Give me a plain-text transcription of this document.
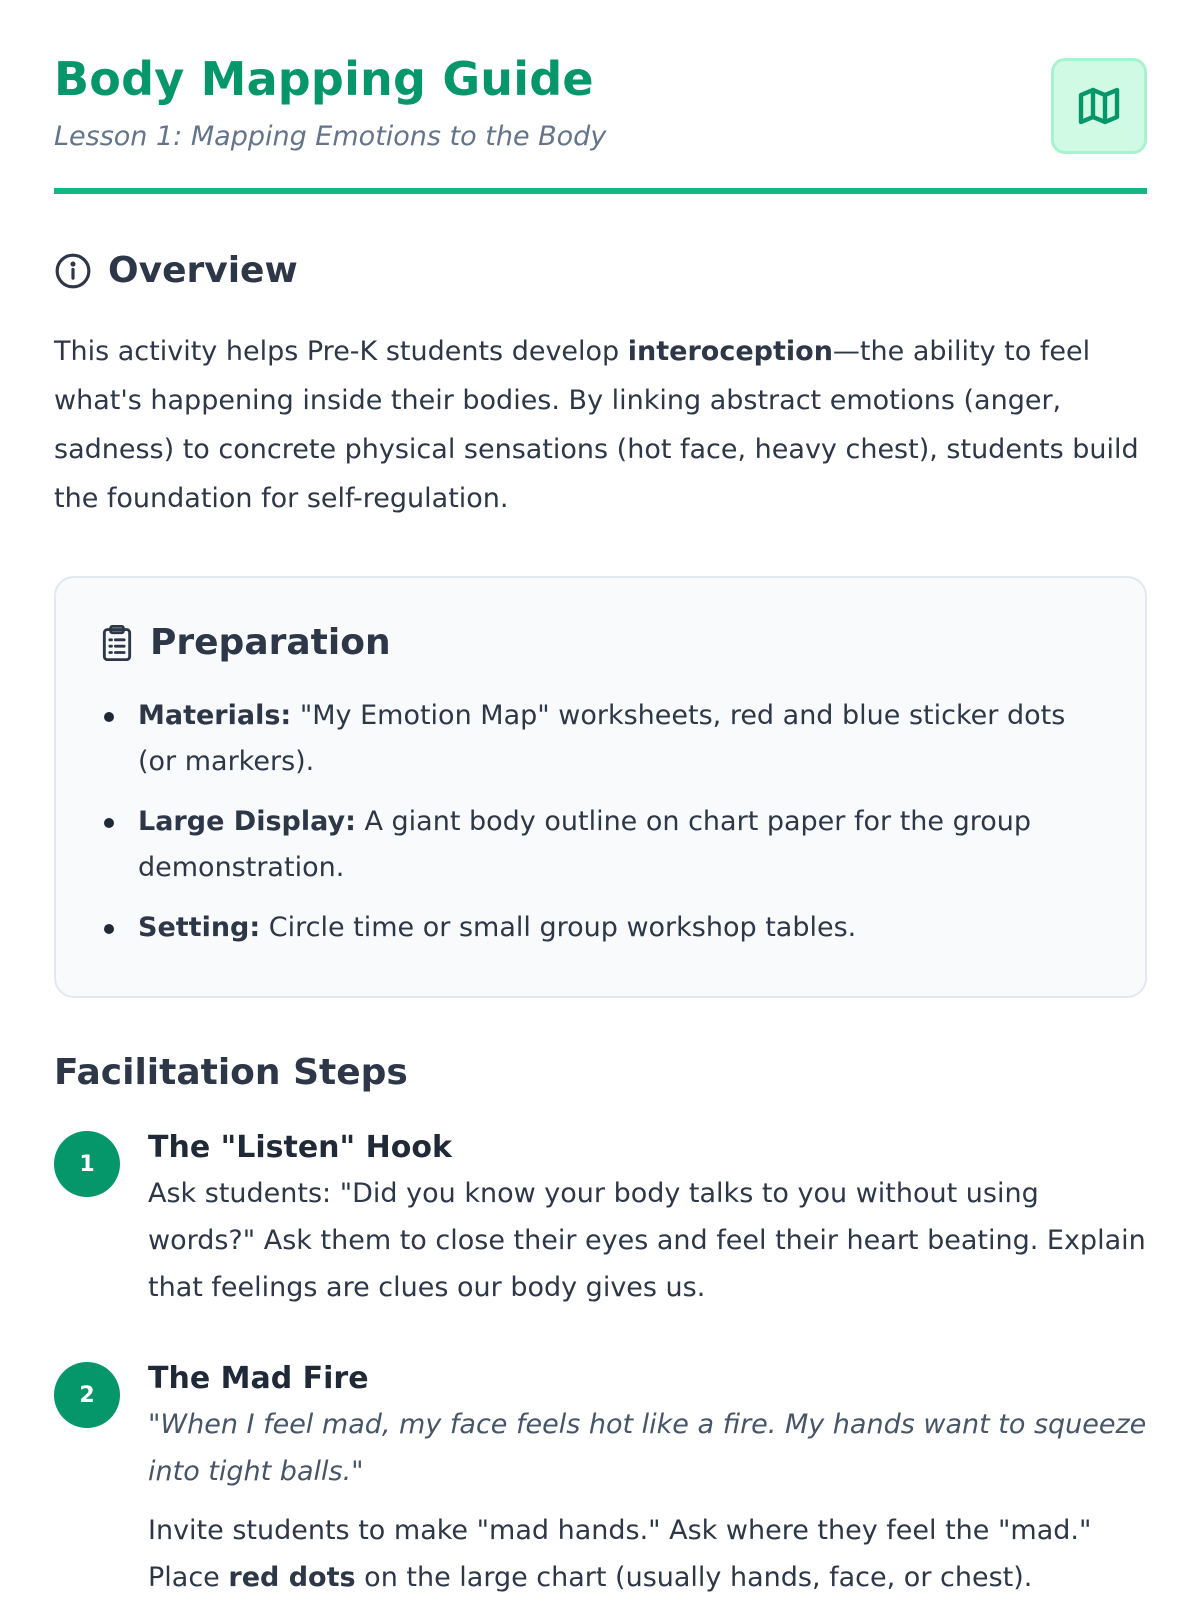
Body Mapping Guide

Lesson 1: Mapping Emotions to the Body

Overview

This activity helps Pre-K students develop interoception—the ability to feel what's happening inside their bodies. By linking abstract emotions (anger, sadness) to concrete physical sensations (hot face, heavy chest), students build the foundation for self-regulation.

Preparation
Materials: "My Emotion Map" worksheets, red and blue sticker dots (or markers).
Large Display: A giant body outline on chart paper for the group demonstration.
Setting: Circle time or small group workshop tables.
Facilitation Steps
1	The "Listen" Hook

Ask students: "Did you know your body talks to you without using words?" Ask them to close their eyes and feel their heart beating. Explain that feelings are clues our body gives us.

2	The Mad Fire

"When I feel mad, my face feels hot like a fire. My hands want to squeeze into tight balls."

Invite students to make "mad hands." Ask where they feel the "mad." Place red dots on the large chart (usually hands, face, or chest).
